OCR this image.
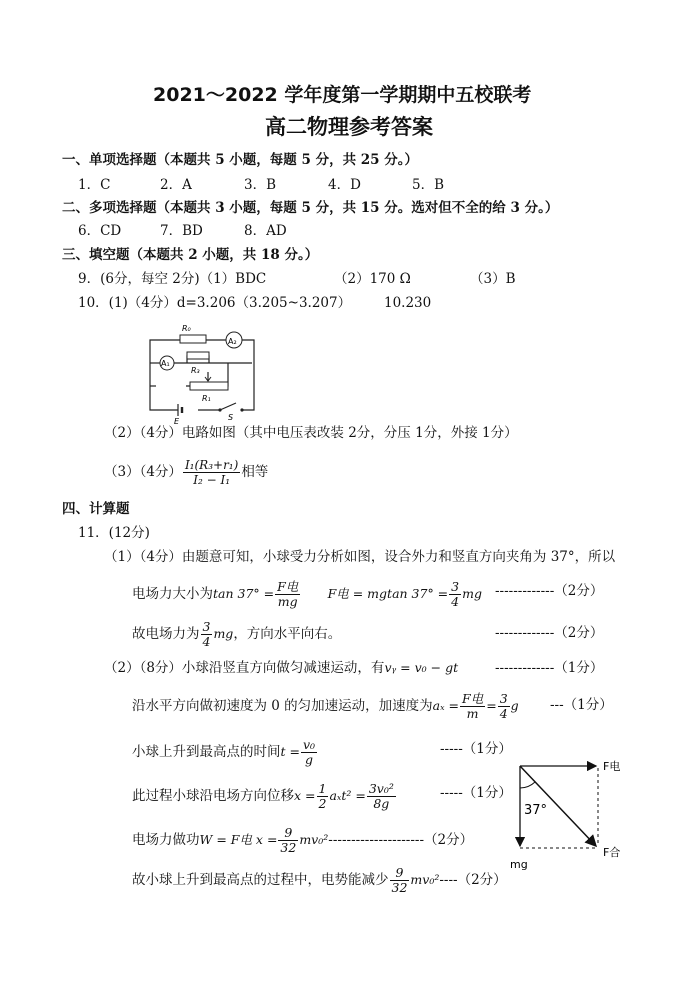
2021～2022 学年度第一学期期中五校联考
高二物理参考答案
一、单项选择题（本题共 5 小题，每题 5 分，共 25 分。）
1．C	2．A	3．B	4．D	5．B
二、多项选择题（本题共 3 小题，每题 5 分，共 15 分。选对但不全的给 3 分。）
6．CD	7．BD	8．AD
三、填空题（本题共 2 小题，共 18 分。）
9．(6分，每空 2分)（1）BDC	（2）170 Ω	（3）B
10．(1)（4分）d=3.206（3.205~3.207） 10.230
R₀
A₂
A₁
R₃
R₁
S
E
（2）（4分）电路如图（其中电压表改装 2分，分压 1分，外接 1分）
（3）（4分） $\frac{\text{I₁(R₃+r₁)}}{\text{I₂ − I₁}}$ 相等
四、计算题
11．(12分)
（1）（4分）由题意可知，小球受力分析如图，设合外力和竖直方向夹角为 37°，所以
电场力大小为$\tan 37^\circ = \frac{\text{F电}}{mg}$ F电 = mgtan $37^\circ = \frac{3}{4}$ mg -------------（2分）
故电场力为 $\frac{3}{4}$ mg，方向水平向右。	-------------（2分）
（2）（8分）小球沿竖直方向做匀减速运动，有vᵧ = v₀ − gt	-------------（1分）
沿水平方向做初速度为 0 的匀加速运动，加速度为$a_x = \frac{\text{F电}}{m} = \frac{3}{4}$ g ---（1分）
小球上升到最高点的时间$t = \frac{\text{v₀}}{g}$	-----（1分）
此过程小球沿电场方向位移$x = \frac{1}{2} a_xt^2 = \frac{\text{3v₀²}}{8g}$	-----（1分）
电场力做功W = F电 $x = \frac{9}{32} mv_0^2---------------------(2$分）
故小球上升到最高点的过程中，电势能减少 $\frac{9}{32} mv_0^2----(2$分）
37°
F电
F合
mg
